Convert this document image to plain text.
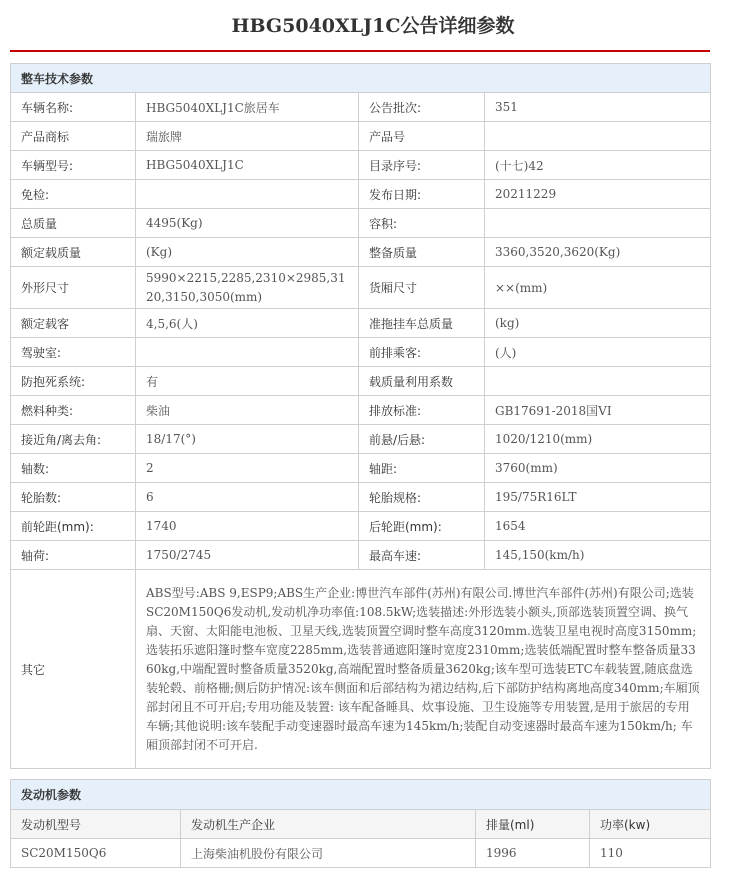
HBG5040XLJ1C公告详细参数
整车技术参数			
车辆名称:	HBG5040XLJ1C旅居车	公告批次:	351
产品商标	瑞旅牌	产品号	
车辆型号:	HBG5040XLJ1C	目录序号:	(十七)42
免检:		发布日期:	20211229
总质量	4495(Kg)	容积:	
额定载质量	(Kg)	整备质量	3360,3520,3620(Kg)
外形尺寸	5990×2215,2285,2310×2985,3120,3150,3050(mm)	货厢尺寸	××(mm)
额定载客	4,5,6(人)	准拖挂车总质量	(kg)
驾驶室:		前排乘客:	(人)
防抱死系统:	有	载质量利用系数	
燃料种类:	柴油	排放标准:	GB17691-2018国VI
接近角/离去角:	18/17(°)	前悬/后悬:	1020/1210(mm)
轴数:	2	轴距:	3760(mm)
轮胎数:	6	轮胎规格:	195/75R16LT
前轮距(mm):	1740	后轮距(mm):	1654
轴荷:	1750/2745	最高车速:	145,150(km/h)
其它	ABS型号:ABS 9,ESP9;ABS生产企业:博世汽车部件(苏州)有限公司.博世汽车部件(苏州)有限公司;选装SC20M150Q6发动机,发动机净功率值:108.5kW;选装描述:外形选装小额头,顶部选装顶置空调、换气扇、天窗、太阳能电池板、卫星天线,选装顶置空调时整车高度3120mm.选装卫星电视时高度3150mm;选装拓乐遮阳篷时整车宽度2285mm,选装普通遮阳篷时宽度2310mm;选装低端配置时整车整备质量3360kg,中端配置时整备质量3520kg,高端配置时整备质量3620kg;该车型可选装ETC车载装置,随底盘选装轮毂、前格栅;侧后防护情况:该车侧面和后部结构为裙边结构,后下部防护结构离地高度340mm;车厢顶部封闭且不可开启;专用功能及装置: 该车配备睡具、炊事设施、卫生设施等专用装置,是用于旅居的专用车辆;其他说明:该车装配手动变速器时最高车速为145km/h;装配自动变速器时最高车速为150km/h; 车厢顶部封闭不可开启.		
发动机参数			
发动机型号	发动机生产企业	排量(ml)	功率(kw)
SC20M150Q6	上海柴油机股份有限公司	1996	110
